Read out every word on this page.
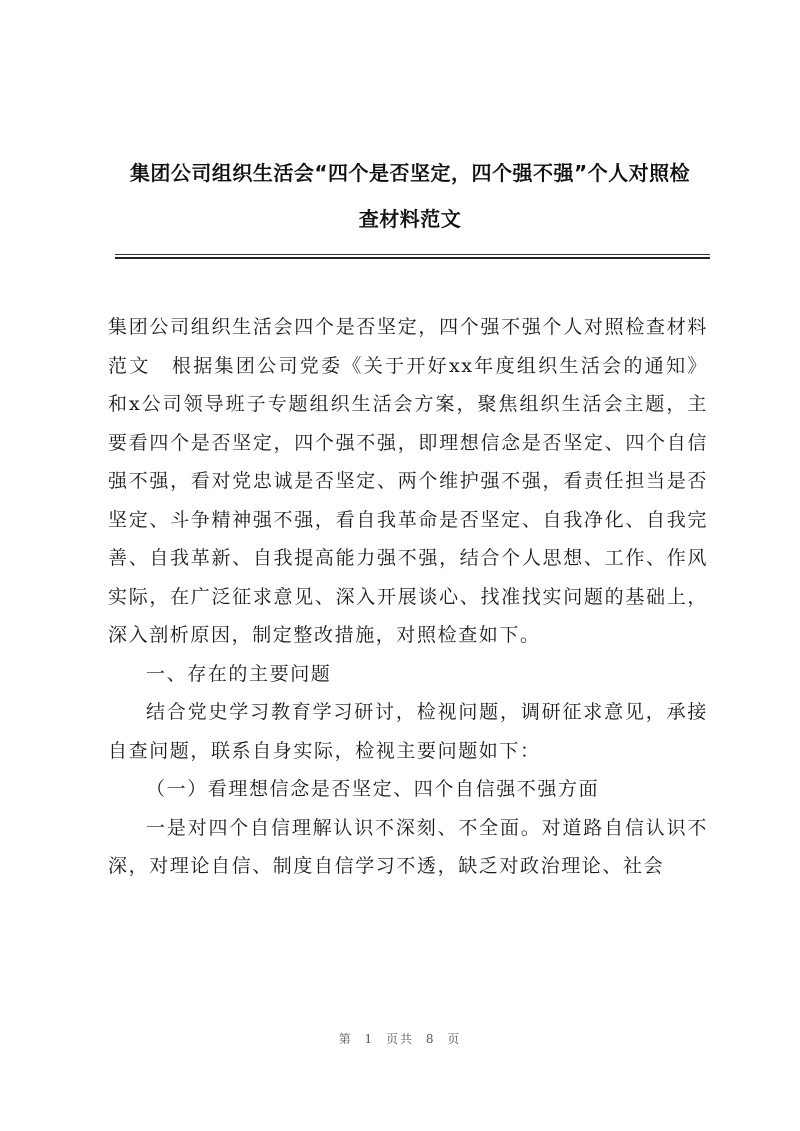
集团公司组织生活会“四个是否坚定，四个强不强”个人对照检
查材料范文

集团公司组织生活会四个是否坚定，四个强不强个人对照检查材料范文　根据集团公司党委《关于开好xx年度组织生活会的通知》和x公司领导班子专题组织生活会方案，聚焦组织生活会主题，主要看四个是否坚定，四个强不强，即理想信念是否坚定、四个自信强不强，看对党忠诚是否坚定、两个维护强不强，看责任担当是否坚定、斗争精神强不强，看自我革命是否坚定、自我净化、自我完善、自我革新、自我提高能力强不强，结合个人思想、工作、作风实际，在广泛征求意见、深入开展谈心、找准找实问题的基础上，深入剖析原因，制定整改措施，对照检查如下。

一、存在的主要问题

结合党史学习教育学习研讨，检视问题，调研征求意见，承接自查问题，联系自身实际，检视主要问题如下：

（一）看理想信念是否坚定、四个自信强不强方面

一是对四个自信理解认识不深刻、不全面。对道路自信认识不深，对理论自信、制度自信学习不透，缺乏对政治理论、社会

第 1 页共 8 页
